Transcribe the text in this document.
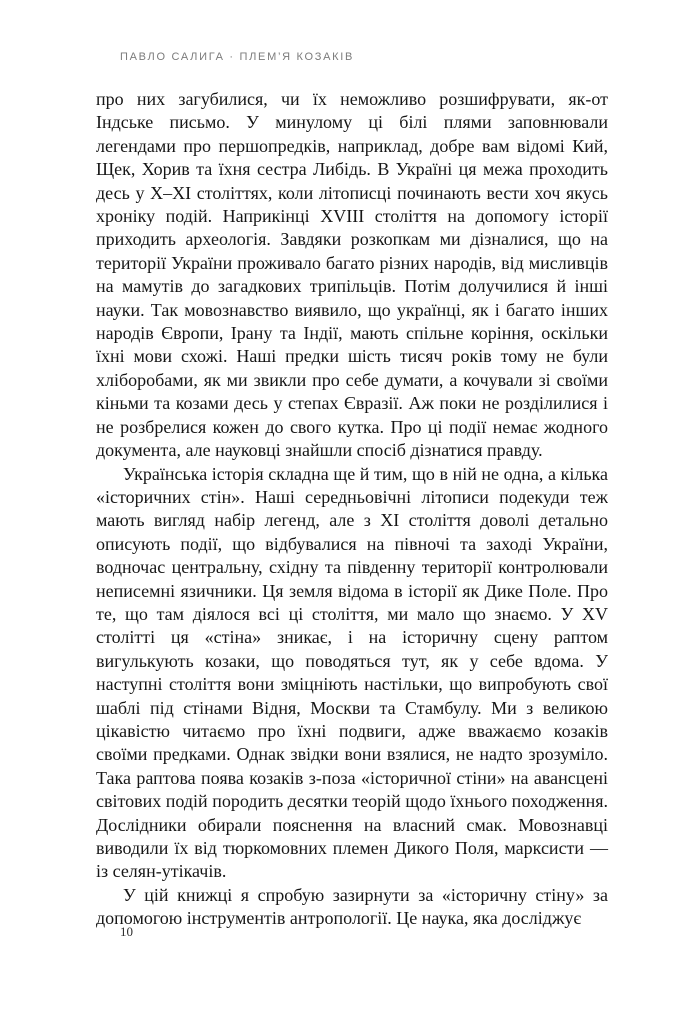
ПАВЛО САЛИГА · ПЛЕМ’Я КОЗАКІВ

про них загубилися, чи їх неможливо розшифрувати, як-от Індське письмо. У минулому ці білі плями заповнювали легендами про першопредків, наприклад, добре вам відомі Кий, Щек, Хорив та їхня сестра Либідь. В Україні ця межа проходить десь у X–XI століттях, коли літописці починають вести хоч якусь хроніку подій. Наприкінці XVIII століття на допомогу історії приходить археологія. Завдяки розкопкам ми дізналися, що на території України проживало багато різних народів, від мисливців на мамутів до загадкових трипільців. Потім долучилися й інші науки. Так мовознавство виявило, що українці, як і багато інших народів Європи, Ірану та Індії, мають спільне коріння, оскільки їхні мови схожі. Наші предки шість тисяч років тому не були хліборобами, як ми звикли про себе думати, а кочували зі своїми кіньми та козами десь у степах Євразії. Аж поки не розділилися і не розбрелися кожен до свого кутка. Про ці події немає жодного документа, але науковці знайшли спосіб дізнатися правду.

Українська історія складна ще й тим, що в ній не одна, а кілька «історичних стін». Наші середньовічні літописи подекуди теж мають вигляд набір легенд, але з XI століття доволі детально описують події, що відбувалися на півночі та заході України, водночас центральну, східну та південну території контролювали неписемні язичники. Ця земля відома в історії як Дике Поле. Про те, що там діялося всі ці століття, ми мало що знаємо. У XV столітті ця «стіна» зникає, і на історичну сцену раптом вигулькують козаки, що поводяться тут, як у себе вдома. У наступні століття вони зміцніють настільки, що випробують свої шаблі під стінами Відня, Москви та Стамбулу. Ми з великою цікавістю читаємо про їхні подвиги, адже вважаємо козаків своїми предками. Однак звідки вони взялися, не надто зрозуміло. Така раптова поява козаків з-поза «історичної стіни» на авансцені світових подій породить десятки теорій щодо їхнього походження. Дослідники обирали пояснення на власний смак. Мовознавці виводили їх від тюркомовних племен Дикого Поля, марксисти — із селян-утікачів.

У цій книжці я спробую зазирнути за «історичну стіну» за допомогою інструментів антропології. Це наука, яка досліджує

10
